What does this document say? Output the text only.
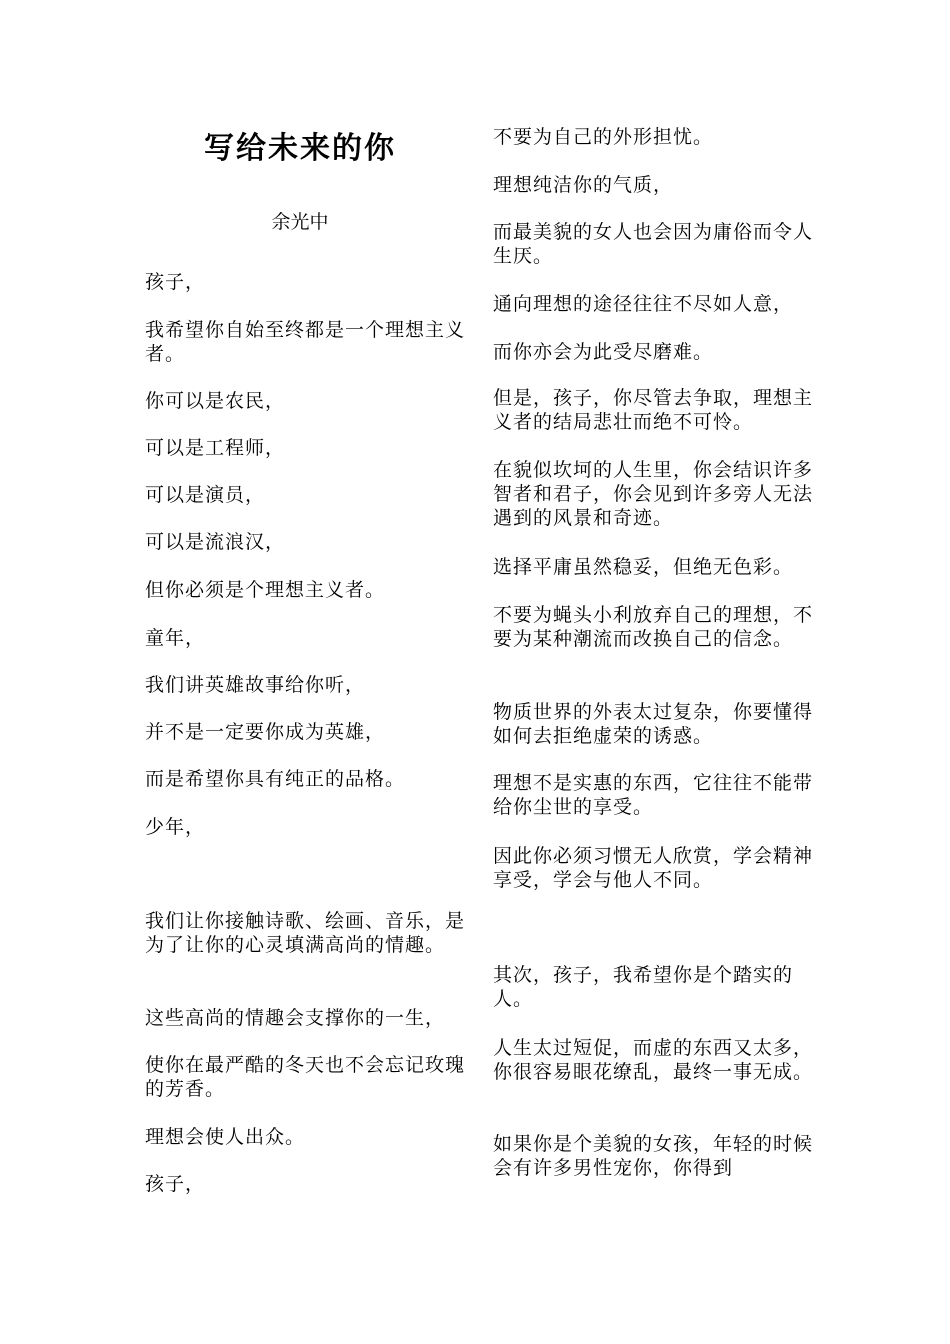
写给未来的你

余光中

孩子，

我希望你自始至终都是一个理想主义者。

你可以是农民，

可以是工程师，

可以是演员，

可以是流浪汉，

但你必须是个理想主义者。

童年，

我们讲英雄故事给你听，

并不是一定要你成为英雄，

而是希望你具有纯正的品格。

少年，

我们让你接触诗歌、绘画、音乐，是为了让你的心灵填满高尚的情趣。

这些高尚的情趣会支撑你的一生，

使你在最严酷的冬天也不会忘记玫瑰的芳香。

理想会使人出众。

孩子，

不要为自己的外形担忧。

理想纯洁你的气质，

而最美貌的女人也会因为庸俗而令人生厌。

通向理想的途径往往不尽如人意，

而你亦会为此受尽磨难。

但是，孩子，你尽管去争取，理想主义者的结局悲壮而绝不可怜。

在貌似坎坷的人生里，你会结识许多智者和君子，你会见到许多旁人无法遇到的风景和奇迹。

选择平庸虽然稳妥，但绝无色彩。

不要为蝇头小利放弃自己的理想，不要为某种潮流而改换自己的信念。

物质世界的外表太过复杂，你要懂得如何去拒绝虚荣的诱惑。

理想不是实惠的东西，它往往不能带给你尘世的享受。

因此你必须习惯无人欣赏，学会精神享受，学会与他人不同。

其次，孩子，我希望你是个踏实的人。

人生太过短促，而虚的东西又太多，你很容易眼花缭乱，最终一事无成。

如果你是个美貌的女孩，年轻的时候会有许多男性宠你，你得到
